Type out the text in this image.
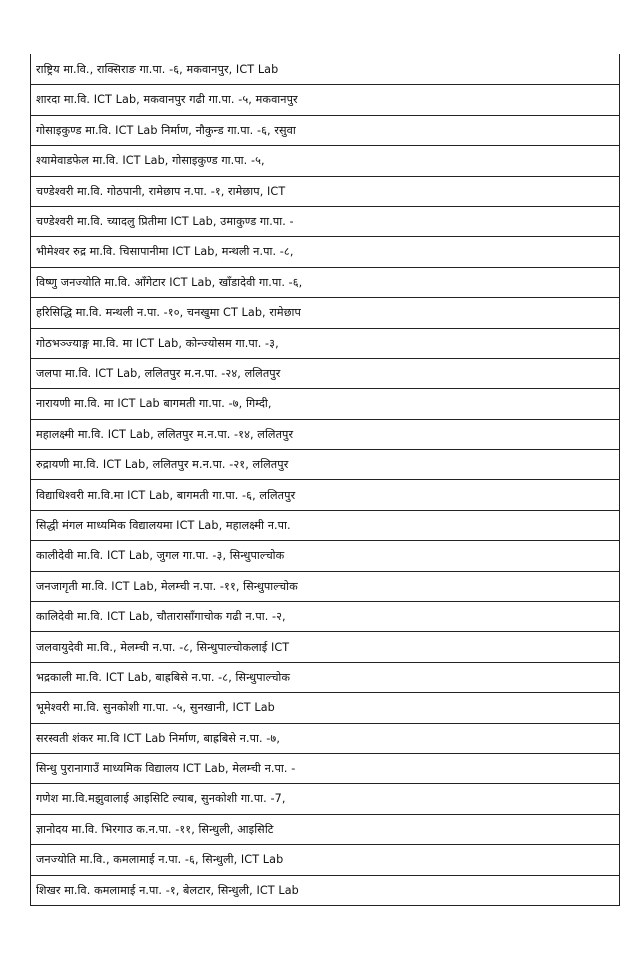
राष्ट्रिय मा.वि., राक्सिराङ गा.पा. -६, मकवानपुर, ICT Lab
शारदा मा.वि. ICT Lab, मकवानपुर गढी गा.पा. -५, मकवानपुर
गोसाइकुण्ड मा.वि. ICT Lab निर्माण, नौकुन्ड गा.पा. -६, रसुवा
श्यामेवाडफेल मा.वि. ICT Lab, गोसाइकुण्ड गा.पा. -५,
चण्डेश्वरी मा.वि. गोठपानी, रामेछाप न.पा. -१, रामेछाप, ICT
चण्डेश्वरी मा.वि. च्यादलु प्रितीमा ICT Lab, उमाकुण्ड गा.पा. -
भीमेश्वर रुद्र मा.वि. चिसापानीमा ICT Lab, मन्थली न.पा. -८,
विष्णु जनज्योति मा.वि. आँगेटार ICT Lab, खाँडादेवी गा.पा. -६,
हरिसिद्धि मा.वि. मन्थली न.पा. -१०, चनखुमा CT Lab, रामेछाप
गोठभञ्ज्याङ्ग मा.वि. मा ICT Lab, कोन्ज्योसम गा.पा. -३,
जलपा मा.वि. ICT Lab, ललितपुर म.न.पा. -२४, ललितपुर
नारायणी मा.वि. मा ICT Lab बागमती गा.पा. -७, गिम्दी,
महालक्ष्मी मा.वि. ICT Lab, ललितपुर म.न.पा. -१४, ललितपुर
रुद्रायणी मा.वि. ICT Lab, ललितपुर म.न.पा. -२१, ललितपुर
विद्याधिश्वरी मा.वि.मा ICT Lab, बागमती गा.पा. -६, ललितपुर
सिद्धी मंगल माध्यमिक विद्यालयमा ICT Lab, महालक्ष्मी न.पा.
कालीदेवी मा.वि. ICT Lab, जुगल गा.पा. -३, सिन्धुपाल्चोक
जनजागृती मा.वि. ICT Lab, मेलम्ची न.पा. -११, सिन्धुपाल्चोक
कालिदेवी मा.वि. ICT Lab, चौतारासाँगाचोक गढी न.पा. -२,
जलवायुदेवी मा.वि., मेलम्ची न.पा. -८, सिन्धुपाल्चोकलाई ICT
भद्रकाली मा.वि. ICT Lab, बाह्रबिसे न.पा. -८, सिन्धुपाल्चोक
भूमेश्वरी मा.वि. सुनकोशी गा.पा. -५, सुनखानी, ICT Lab
सरस्वती शंकर मा.वि ICT Lab निर्माण, बाह्रबिसे न.पा. -७,
सिन्धु पुरानागाउँ माध्यमिक विद्यालय ICT Lab, मेलम्ची न.पा. -
गणेश मा.वि.मझुवालाई आइसिटि ल्याब, सुनकोशी गा.पा. -7,
ज्ञानोदय मा.वि. भिरगाउ क.न.पा. -११, सिन्धुली, आइसिटि
जनज्योति मा.वि., कमलामाई न.पा. -६, सिन्धुली, ICT Lab
शिखर मा.वि. कमलामाई न.पा. -१, बेलटार, सिन्धुली, ICT Lab
